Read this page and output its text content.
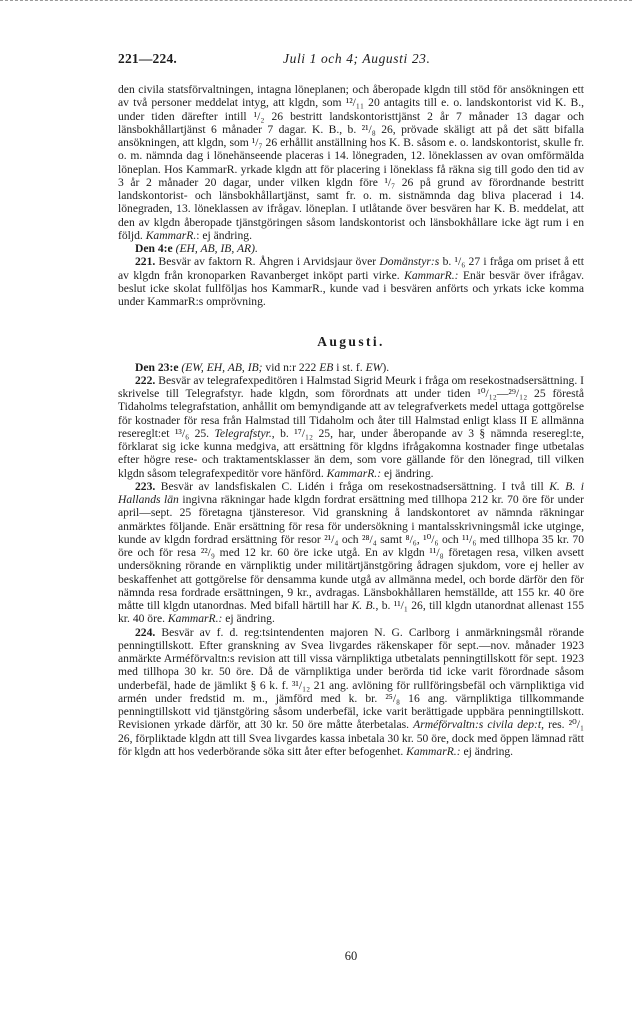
221—224.	Juli 1 och 4; Augusti 23.

den civila statsförvaltningen, intagna löneplanen; och åberopade klgdn till stöd för ansökningen ett av två personer meddelat intyg, att klgdn, som ¹²/₁₁ 20 antagits till e. o. landskontorist vid K. B., under tiden därefter intill ¹/₂ 26 bestritt landskontoristtjänst 2 år 7 månader 13 dagar och länsbokhållartjänst 6 månader 7 dagar. K. B., b. ²¹/₈ 26, prövade skäligt att på det sätt bifalla ansökningen, att klgdn, som ¹/₇ 26 erhållit anställning hos K. B. såsom e. o. landskontorist, skulle fr. o. m. nämnda dag i lönehänseende placeras i 14. lönegraden, 12. löneklassen av ovan omförmälda löneplan. Hos KammarR. yrkade klgdn att för placering i löneklass få räkna sig till godo den tid av 3 år 2 månader 20 dagar, under vilken klgdn före ¹/₇ 26 på grund av förordnande bestritt landskontorist- och länsbokhållartjänst, samt fr. o. m. sistnämnda dag bliva placerad i 14. lönegraden, 13. löneklassen av ifrågav. löneplan. I utlåtande över besvären har K. B. meddelat, att den av klgdn åberopade tjänstgöringen såsom landskontorist och länsbokhållare icke ägt rum i en följd. KammarR.: ej ändring.

Den 4:e (EH, AB, IB, AR).

221. Besvär av faktorn R. Åhgren i Arvidsjaur över Domänstyr:s b. ¹/₆ 27 i fråga om priset å ett av klgdn från kronoparken Ravanberget inköpt parti virke. KammarR.: Enär besvär över ifrågav. beslut icke skolat fullföljas hos KammarR., kunde vad i besvären anförts och yrkats icke komma under KammarR:s omprövning.

Augusti.

Den 23:e (EW, EH, AB, IB; vid n:r 222 EB i st. f. EW).

222. Besvär av telegrafexpeditören i Halmstad Sigrid Meurk i fråga om resekostnadsersättning. I skrivelse till Telegrafstyr. hade klgdn, som förordnats att under tiden ¹⁰/₁₂—²⁹/₁₂ 25 förestå Tidaholms telegrafstation, anhållit om bemyndigande att av telegrafverkets medel uttaga gottgörelse för kostnader för resa från Halmstad till Tidaholm och åter till Halmstad enligt klass II E allmänna resereglt:et ¹³/₆ 25. Telegrafstyr., b. ¹⁷/₁₂ 25, har, under åberopande av 3 § nämnda reseregl:te, förklarat sig icke kunna medgiva, att ersättning för klgdns ifrågakomna kostnader finge utbetalas efter högre rese- och traktamentsklasser än dem, som vore gällande för den lönegrad, till vilken klgdn såsom telegrafexpeditör vore hänförd. KammarR.: ej ändring.

223. Besvär av landsfiskalen C. Lidén i fråga om resekostnadsersättning. I två till K. B. i Hallands län ingivna räkningar hade klgdn fordrat ersättning med tillhopa 212 kr. 70 öre för under april—sept. 25 företagna tjänsteresor. Vid granskning å landskontoret av nämnda räkningar anmärktes följande. Enär ersättning för resa för undersökning i mantalsskrivningsmål icke utginge, kunde av klgdn fordrad ersättning för resor ²¹/₄ och ²⁸/₄ samt ⁸/₆, ¹⁰/₆ och ¹¹/₆ med tillhopa 35 kr. 70 öre och för resa ²²/₉ med 12 kr. 60 öre icke utgå. En av klgdn ¹¹/₈ företagen resa, vilken avsett undersökning rörande en värnpliktig under militärtjänstgöring ådragen sjukdom, vore ej heller av beskaffenhet att gottgörelse för densamma kunde utgå av allmänna medel, och borde därför den för nämnda resa fordrade ersättningen, 9 kr., avdragas. Länsbokhållaren hemställde, att 155 kr. 40 öre måtte till klgdn utanordnas. Med bifall härtill har K. B., b. ¹¹/₁ 26, till klgdn utanordnat allenast 155 kr. 40 öre. KammarR.: ej ändring.

224. Besvär av f. d. reg:tsintendenten majoren N. G. Carlborg i anmärkningsmål rörande penningtillskott. Efter granskning av Svea livgardes räkenskaper för sept.—nov. månader 1923 anmärkte Arméförvaltn:s revision att till vissa värnpliktiga utbetalats penningtillskott för sept. 1923 med tillhopa 30 kr. 50 öre. Då de värnpliktiga under berörda tid icke varit förordnade såsom underbefäl, hade de jämlikt § 6 k. f. ³¹/₁₂ 21 ang. avlöning för rullföringsbefäl och värnpliktiga vid armén under fredstid m. m., jämförd med k. br. ²⁵/₈ 16 ang. värnpliktiga tillkommande penningtillskott vid tjänstgöring såsom underbefäl, icke varit berättigade uppbära penningtillskott. Revisionen yrkade därför, att 30 kr. 50 öre måtte återbetalas. Arméförvaltn:s civila dep:t, res. ²⁰/₁ 26, förpliktade klgdn att till Svea livgardes kassa inbetala 30 kr. 50 öre, dock med öppen lämnad rätt för klgdn att hos vederbörande söka sitt åter efter befogenhet. KammarR.: ej ändring.

60
